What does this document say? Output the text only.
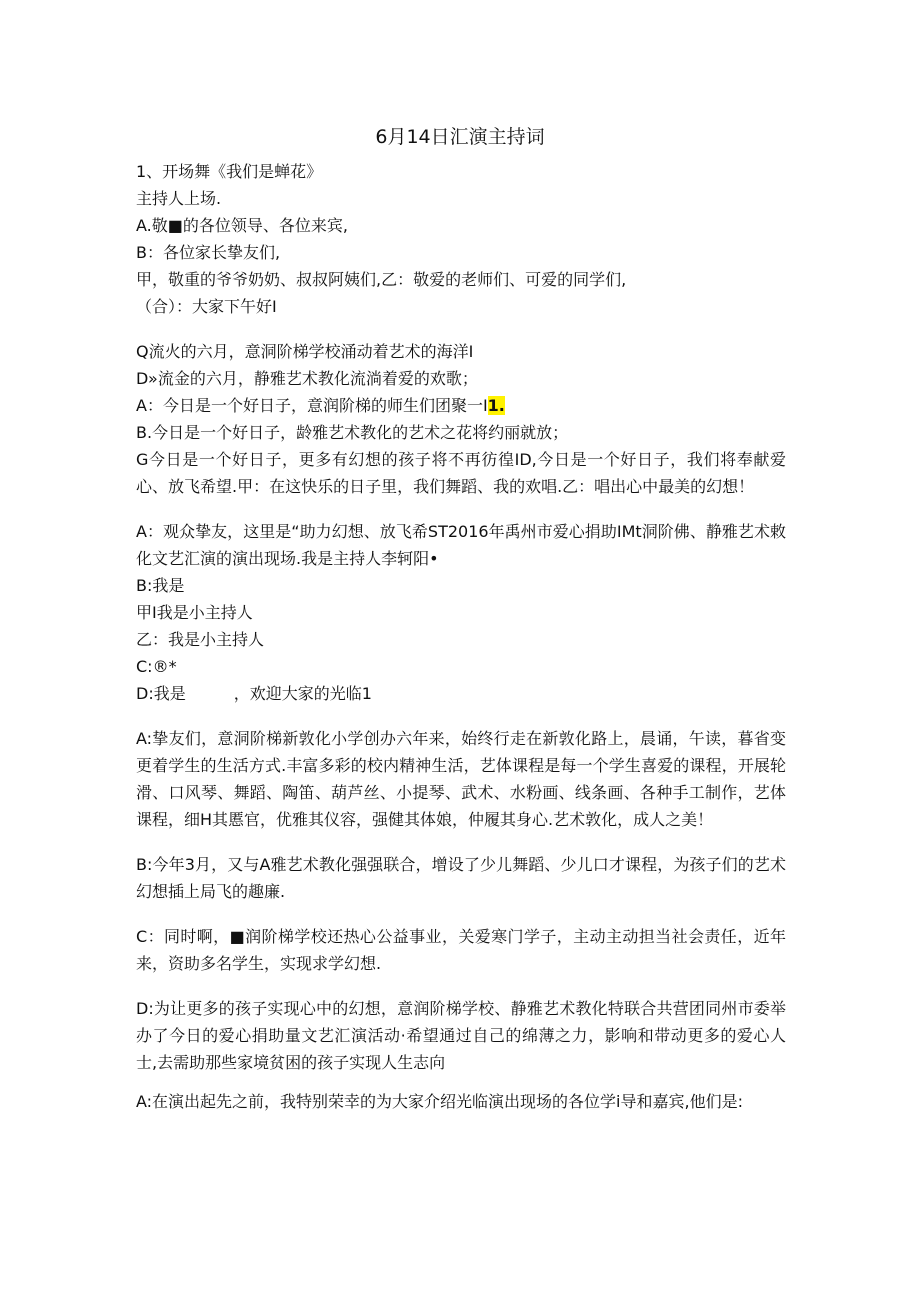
6月14日汇演主持词
1、开场舞《我们是蝉花》
主持人上场.
A.敬■的各位领导、各位来宾,
B：各位家长挚友们,
甲，敬重的爷爷奶奶、叔叔阿姨们,乙：敬爱的老师们、可爱的同学们,
（合）：大家下午好I
Q流火的六月，意洞阶梯学校涌动着艺术的海洋I
D»流金的六月，静雅艺术教化流淌着爱的欢歌；
A：今日是一个好日子，意润阶梯的师生们团聚一I1.
B.今日是一个好日子，龄雅艺术教化的艺术之花将约丽就放；
G今日是一个好日子，更多有幻想的孩子将不再彷徨ID,今日是一个好日子，我们将奉献爱心、放飞希望.甲：在这快乐的日子里，我们舞蹈、我的欢唱.乙：唱出心中最美的幻想！
A：观众挚友，这里是“助力幻想、放飞希ST2016年禹州市爱心捐助IMt洞阶佛、静雅艺术敕化文艺汇演的演出现场.我是主持人李轲阳•
B:我是
甲I我是小主持人
乙：我是小主持人
C:®*
D:我是	，欢迎大家的光临1
A:挚友们，意洞阶梯新敦化小学创办六年来，始终行走在新敦化路上，晨诵，午读，暮省变更着学生的生活方式.丰富多彩的校内精神生活，艺体课程是每一个学生喜爱的课程，开展轮滑、口风琴、舞蹈、陶笛、葫芦丝、小提琴、武术、水粉画、线条画、各种手工制作，艺体课程，细H其慝官，优雅其仪容，强健其体娘，仲履其身心.艺术敦化，成人之美！
B:今年3月，又与A雅艺术教化强强联合，增设了少儿舞蹈、少儿口才课程，为孩子们的艺术幻想插上局飞的趣廉.
C：同时啊，■润阶梯学校还热心公益事业，关爱寒门学子，主动主动担当社会责任，近年来，资助多名学生，实现求学幻想.
D:为让更多的孩子实现心中的幻想，意润阶梯学校、静雅艺术教化特联合共营团同州市委举办了今日的爱心捐助量文艺汇演活动·希望通过自己的绵薄之力，影响和带动更多的爱心人士,去需助那些家境贫困的孩子实现人生志向
A:在演出起先之前，我特别荣幸的为大家介绍光临演出现场的各位学i导和嘉宾,他们是:
